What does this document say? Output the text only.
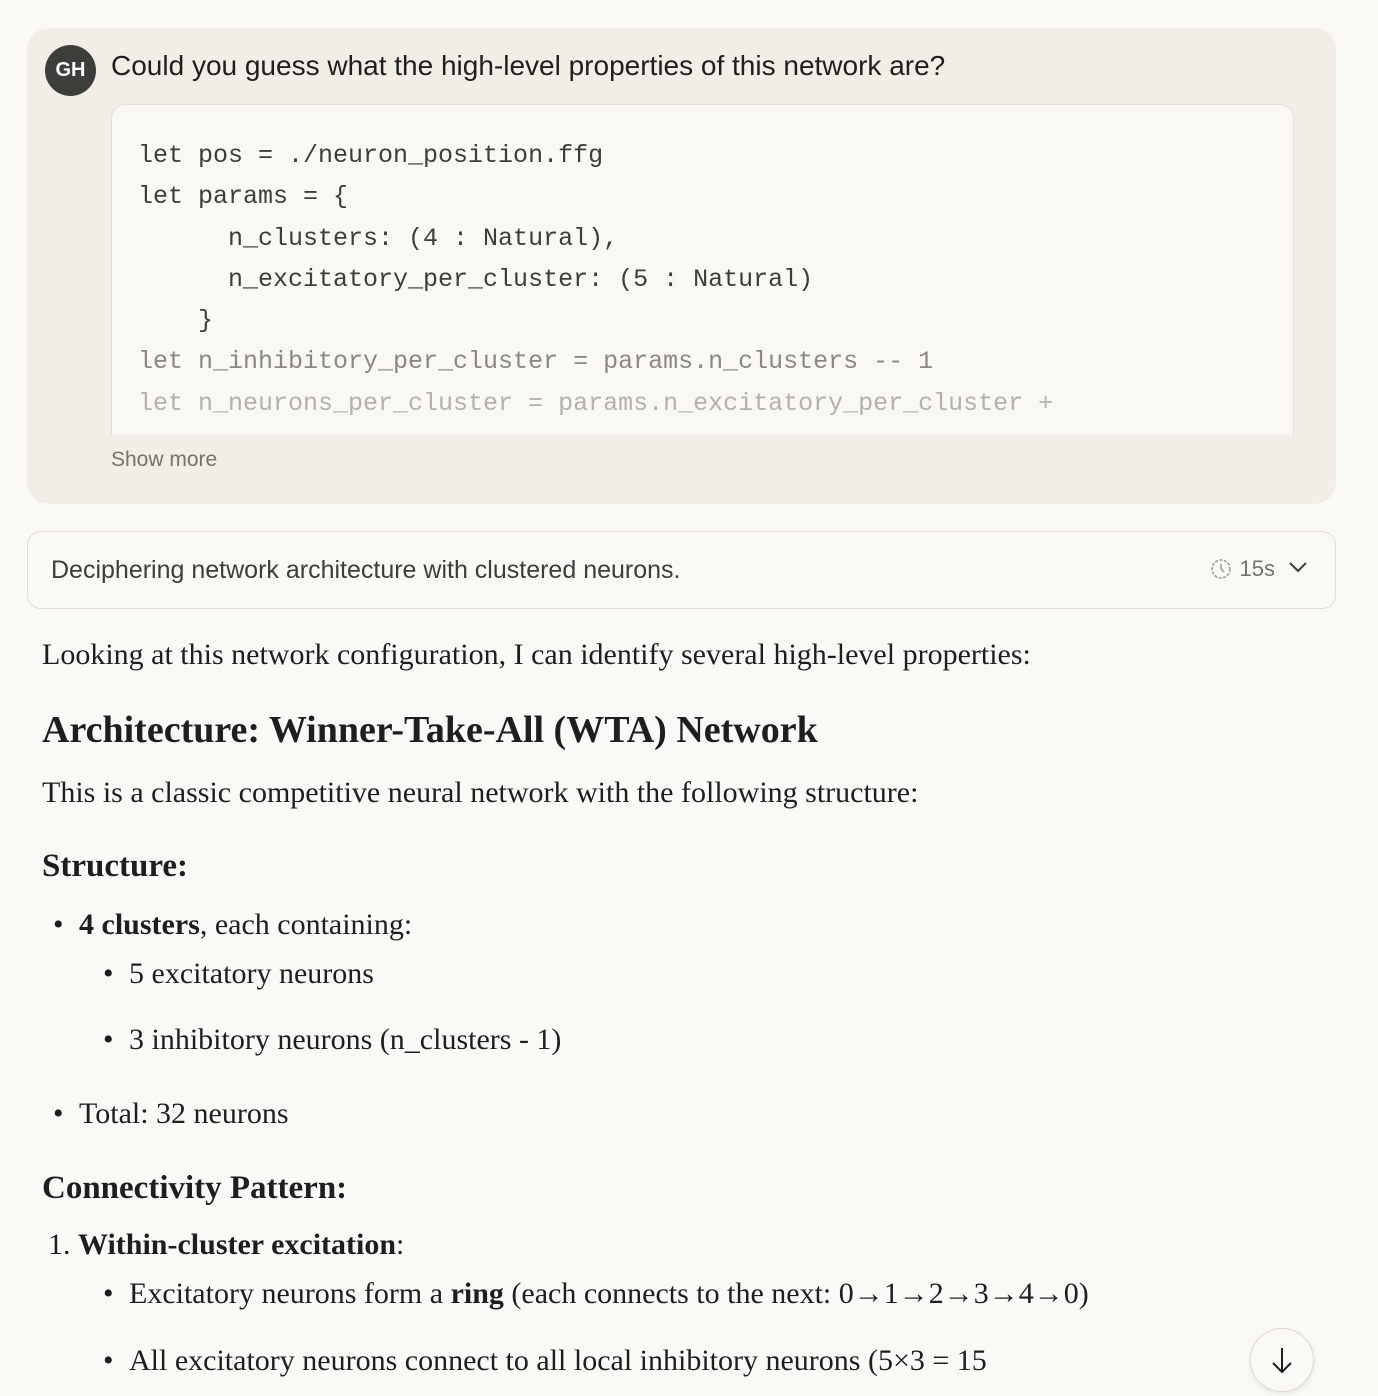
GH Could you guess what the high-level properties of this network are?
let pos = ./neuron_position.ffg
let params = {
n_clusters: (4 : Natural),
n_excitatory_per_cluster: (5 : Natural)
}
let n_inhibitory_per_cluster = params.n_clusters -- 1
let n_neurons_per_cluster = params.n_excitatory_per_cluster +
Show more
Deciphering network architecture with clustered neurons.	15s

Looking at this network configuration, I can identify several high-level properties:

Architecture: Winner-Take-All (WTA) Network

This is a classic competitive neural network with the following structure:

Structure:
• 4 clusters, each containing:
• 5 excitatory neurons
• 3 inhibitory neurons (n_clusters - 1)
• Total: 32 neurons
Connectivity Pattern:
1. Within-cluster excitation:
• Excitatory neurons form a ring (each connects to the next: 0→1→2→3→4→0)
• All excitatory neurons connect to all local inhibitory neurons (5×3 = 15
